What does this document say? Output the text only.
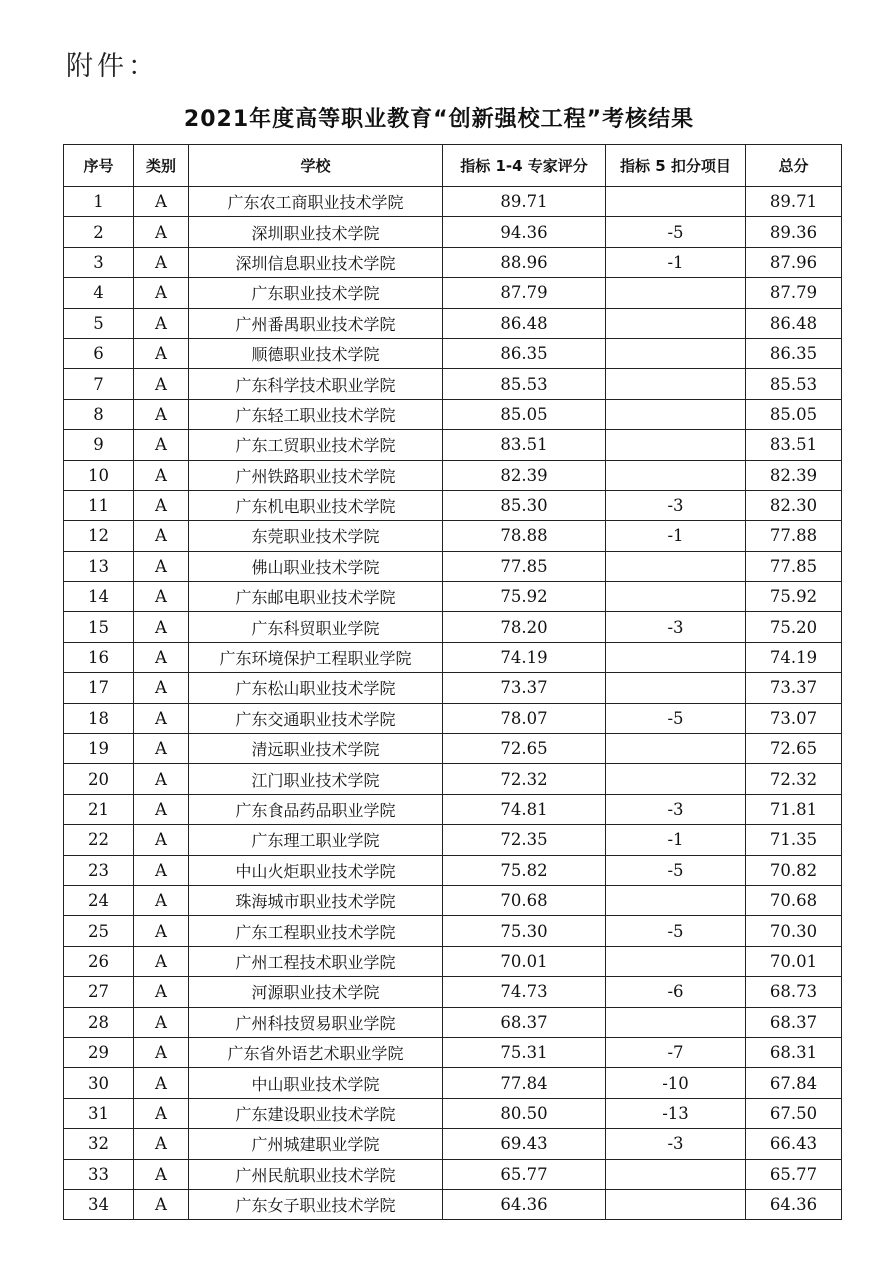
附件：
2021年度高等职业教育“创新强校工程”考核结果
序号	类别	学校	指标 1-4 专家评分	指标 5 扣分项目	总分
1	A	广东农工商职业技术学院	89.71		89.71
2	A	深圳职业技术学院	94.36	-5	89.36
3	A	深圳信息职业技术学院	88.96	-1	87.96
4	A	广东职业技术学院	87.79		87.79
5	A	广州番禺职业技术学院	86.48		86.48
6	A	顺德职业技术学院	86.35		86.35
7	A	广东科学技术职业学院	85.53		85.53
8	A	广东轻工职业技术学院	85.05		85.05
9	A	广东工贸职业技术学院	83.51		83.51
10	A	广州铁路职业技术学院	82.39		82.39
11	A	广东机电职业技术学院	85.30	-3	82.30
12	A	东莞职业技术学院	78.88	-1	77.88
13	A	佛山职业技术学院	77.85		77.85
14	A	广东邮电职业技术学院	75.92		75.92
15	A	广东科贸职业学院	78.20	-3	75.20
16	A	广东环境保护工程职业学院	74.19		74.19
17	A	广东松山职业技术学院	73.37		73.37
18	A	广东交通职业技术学院	78.07	-5	73.07
19	A	清远职业技术学院	72.65		72.65
20	A	江门职业技术学院	72.32		72.32
21	A	广东食品药品职业学院	74.81	-3	71.81
22	A	广东理工职业学院	72.35	-1	71.35
23	A	中山火炬职业技术学院	75.82	-5	70.82
24	A	珠海城市职业技术学院	70.68		70.68
25	A	广东工程职业技术学院	75.30	-5	70.30
26	A	广州工程技术职业学院	70.01		70.01
27	A	河源职业技术学院	74.73	-6	68.73
28	A	广州科技贸易职业学院	68.37		68.37
29	A	广东省外语艺术职业学院	75.31	-7	68.31
30	A	中山职业技术学院	77.84	-10	67.84
31	A	广东建设职业技术学院	80.50	-13	67.50
32	A	广州城建职业学院	69.43	-3	66.43
33	A	广州民航职业技术学院	65.77		65.77
34	A	广东女子职业技术学院	64.36		64.36
